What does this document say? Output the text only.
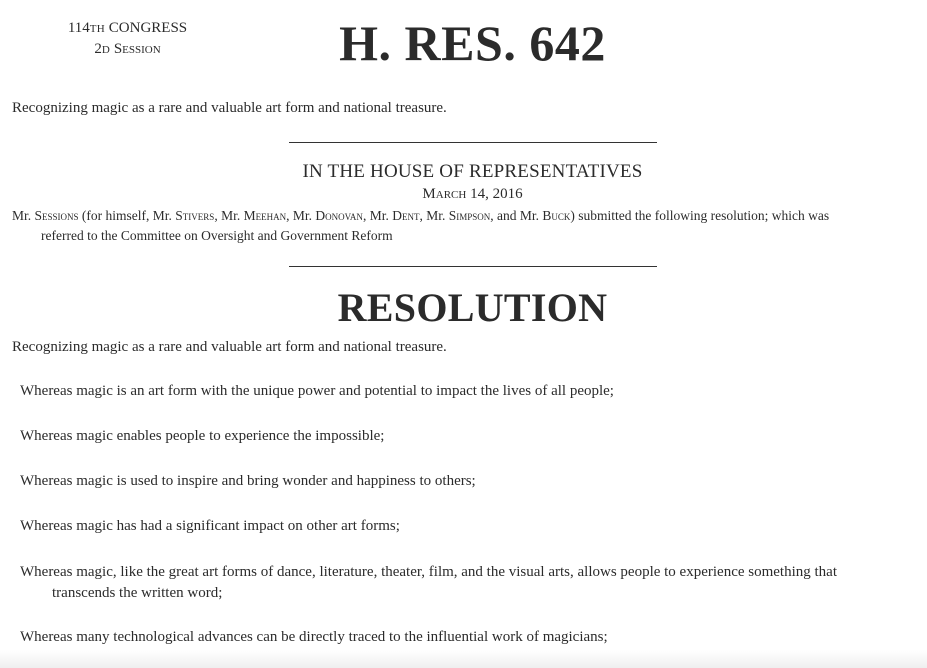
114TH CONGRESS
2D Session	H. RES. 642
Recognizing magic as a rare and valuable art form and national treasure.
IN THE HOUSE OF REPRESENTATIVES
March 14, 2016
Mr. Sessions (for himself, Mr. Stivers, Mr. Meehan, Mr. Donovan, Mr. Dent, Mr. Simpson, and Mr. Buck) submitted the following resolution; which was
referred to the Committee on Oversight and Government Reform
RESOLUTION
Recognizing magic as a rare and valuable art form and national treasure.
Whereas magic is an art form with the unique power and potential to impact the lives of all people;
Whereas magic enables people to experience the impossible;
Whereas magic is used to inspire and bring wonder and happiness to others;
Whereas magic has had a significant impact on other art forms;
Whereas magic, like the great art forms of dance, literature, theater, film, and the visual arts, allows people to experience something that
transcends the written word;
Whereas many technological advances can be directly traced to the influential work of magicians;
